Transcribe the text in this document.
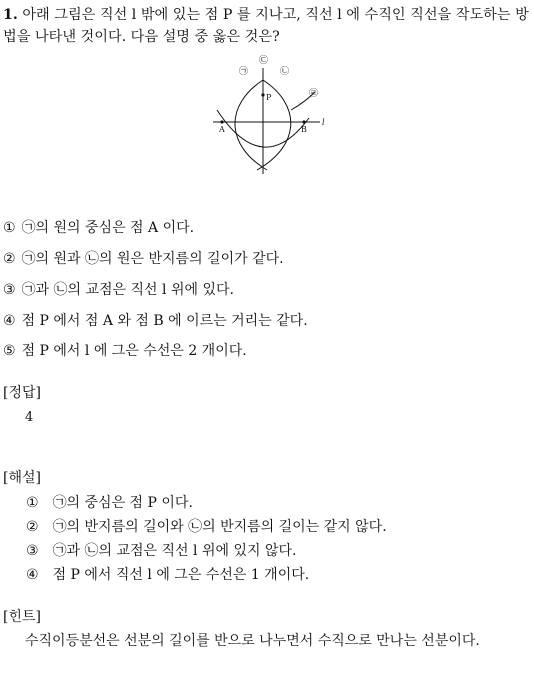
1. 아래 그림은 직선 l 밖에 있는 점 P 를 지나고, 직선 l 에 수직인 직선을 작도하는 방법을 나타낸 것이다. 다음 설명 중 옳은 것은?
㉠
㉢
㉡
㉣
P
A	B
l
① ㉠의 원의 중심은 점 A 이다.
② ㉠의 원과 ㉡의 원은 반지름의 길이가 같다.
③ ㉠과 ㉡의 교점은 직선 l 위에 있다.
④ 점 P 에서 점 A 와 점 B 에 이르는 거리는 같다.
⑤ 점 P 에서 l 에 그은 수선은 2 개이다.
[정답]
4
[해설]
① ㉠의 중심은 점 P 이다.
② ㉠의 반지름의 길이와 ㉡의 반지름의 길이는 같지 않다.
③ ㉠과 ㉡의 교점은 직선 l 위에 있지 않다.
④ 점 P 에서 직선 l 에 그은 수선은 1 개이다.
[힌트]
수직이등분선은 선분의 길이를 반으로 나누면서 수직으로 만나는 선분이다.
